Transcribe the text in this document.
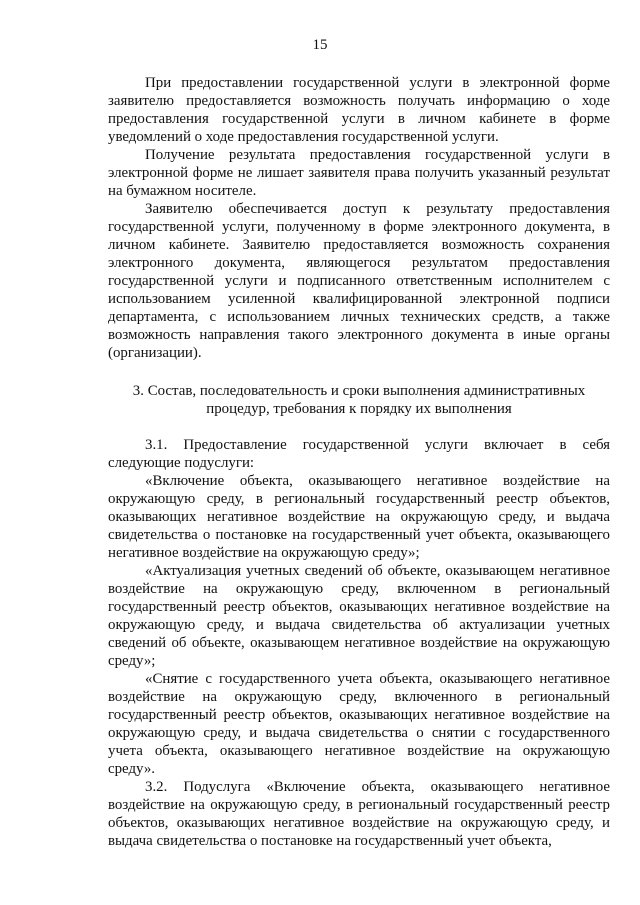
15

При предоставлении государственной услуги в электронной форме заявителю предоставляется возможность получать информацию о ходе предоставления государственной услуги в личном кабинете в форме уведомлений о ходе предоставления государственной услуги.

Получение результата предоставления государственной услуги в электронной форме не лишает заявителя права получить указанный результат на бумажном носителе.

Заявителю обеспечивается доступ к результату предоставления государственной услуги, полученному в форме электронного документа, в личном кабинете. Заявителю предоставляется возможность сохранения электронного документа, являющегося результатом предоставления государственной услуги и подписанного ответственным исполнителем с использованием усиленной квалифицированной электронной подписи департамента, с использованием личных технических средств, а также возможность направления такого электронного документа в иные органы (организации).

3. Состав, последовательность и сроки выполнения административных процедур, требования к порядку их выполнения

3.1. Предоставление государственной услуги включает в себя следующие подуслуги:

«Включение объекта, оказывающего негативное воздействие на окружающую среду, в региональный государственный реестр объектов, оказывающих негативное воздействие на окружающую среду, и выдача свидетельства о постановке на государственный учет объекта, оказывающего негативное воздействие на окружающую среду»;

«Актуализация учетных сведений об объекте, оказывающем негативное воздействие на окружающую среду, включенном в региональный государственный реестр объектов, оказывающих негативное воздействие на окружающую среду, и выдача свидетельства об актуализации учетных сведений об объекте, оказывающем негативное воздействие на окружающую среду»;

«Снятие с государственного учета объекта, оказывающего негативное воздействие на окружающую среду, включенного в региональный государственный реестр объектов, оказывающих негативное воздействие на окружающую среду, и выдача свидетельства о снятии с государственного учета объекта, оказывающего негативное воздействие на окружающую среду».

3.2. Подуслуга «Включение объекта, оказывающего негативное воздействие на окружающую среду, в региональный государственный реестр объектов, оказывающих негативное воздействие на окружающую среду, и выдача свидетельства о постановке на государственный учет объекта,
